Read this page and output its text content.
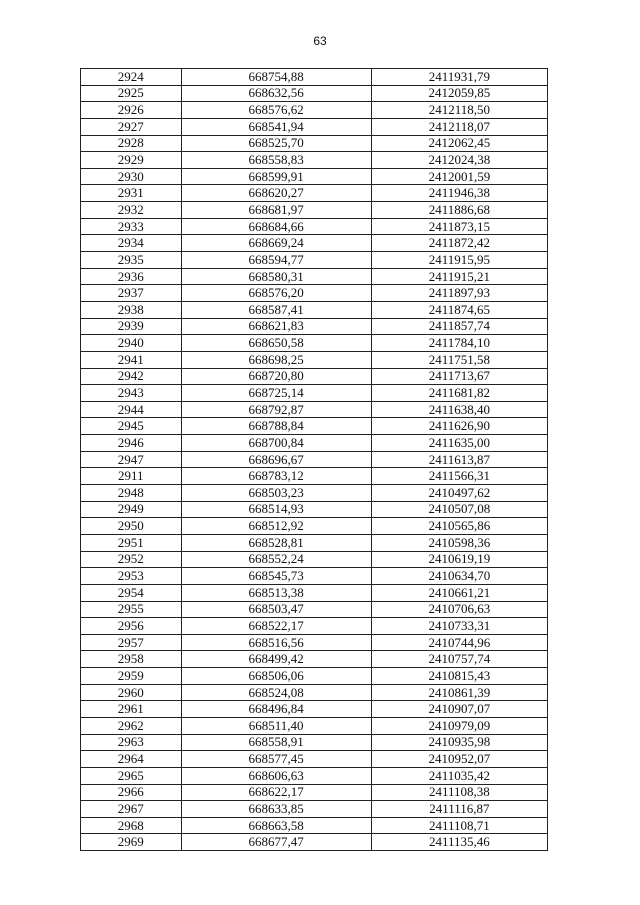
63
2924	668754,88	2411931,79
2925	668632,56	2412059,85
2926	668576,62	2412118,50
2927	668541,94	2412118,07
2928	668525,70	2412062,45
2929	668558,83	2412024,38
2930	668599,91	2412001,59
2931	668620,27	2411946,38
2932	668681,97	2411886,68
2933	668684,66	2411873,15
2934	668669,24	2411872,42
2935	668594,77	2411915,95
2936	668580,31	2411915,21
2937	668576,20	2411897,93
2938	668587,41	2411874,65
2939	668621,83	2411857,74
2940	668650,58	2411784,10
2941	668698,25	2411751,58
2942	668720,80	2411713,67
2943	668725,14	2411681,82
2944	668792,87	2411638,40
2945	668788,84	2411626,90
2946	668700,84	2411635,00
2947	668696,67	2411613,87
2911	668783,12	2411566,31
2948	668503,23	2410497,62
2949	668514,93	2410507,08
2950	668512,92	2410565,86
2951	668528,81	2410598,36
2952	668552,24	2410619,19
2953	668545,73	2410634,70
2954	668513,38	2410661,21
2955	668503,47	2410706,63
2956	668522,17	2410733,31
2957	668516,56	2410744,96
2958	668499,42	2410757,74
2959	668506,06	2410815,43
2960	668524,08	2410861,39
2961	668496,84	2410907,07
2962	668511,40	2410979,09
2963	668558,91	2410935,98
2964	668577,45	2410952,07
2965	668606,63	2411035,42
2966	668622,17	2411108,38
2967	668633,85	2411116,87
2968	668663,58	2411108,71
2969	668677,47	2411135,46
